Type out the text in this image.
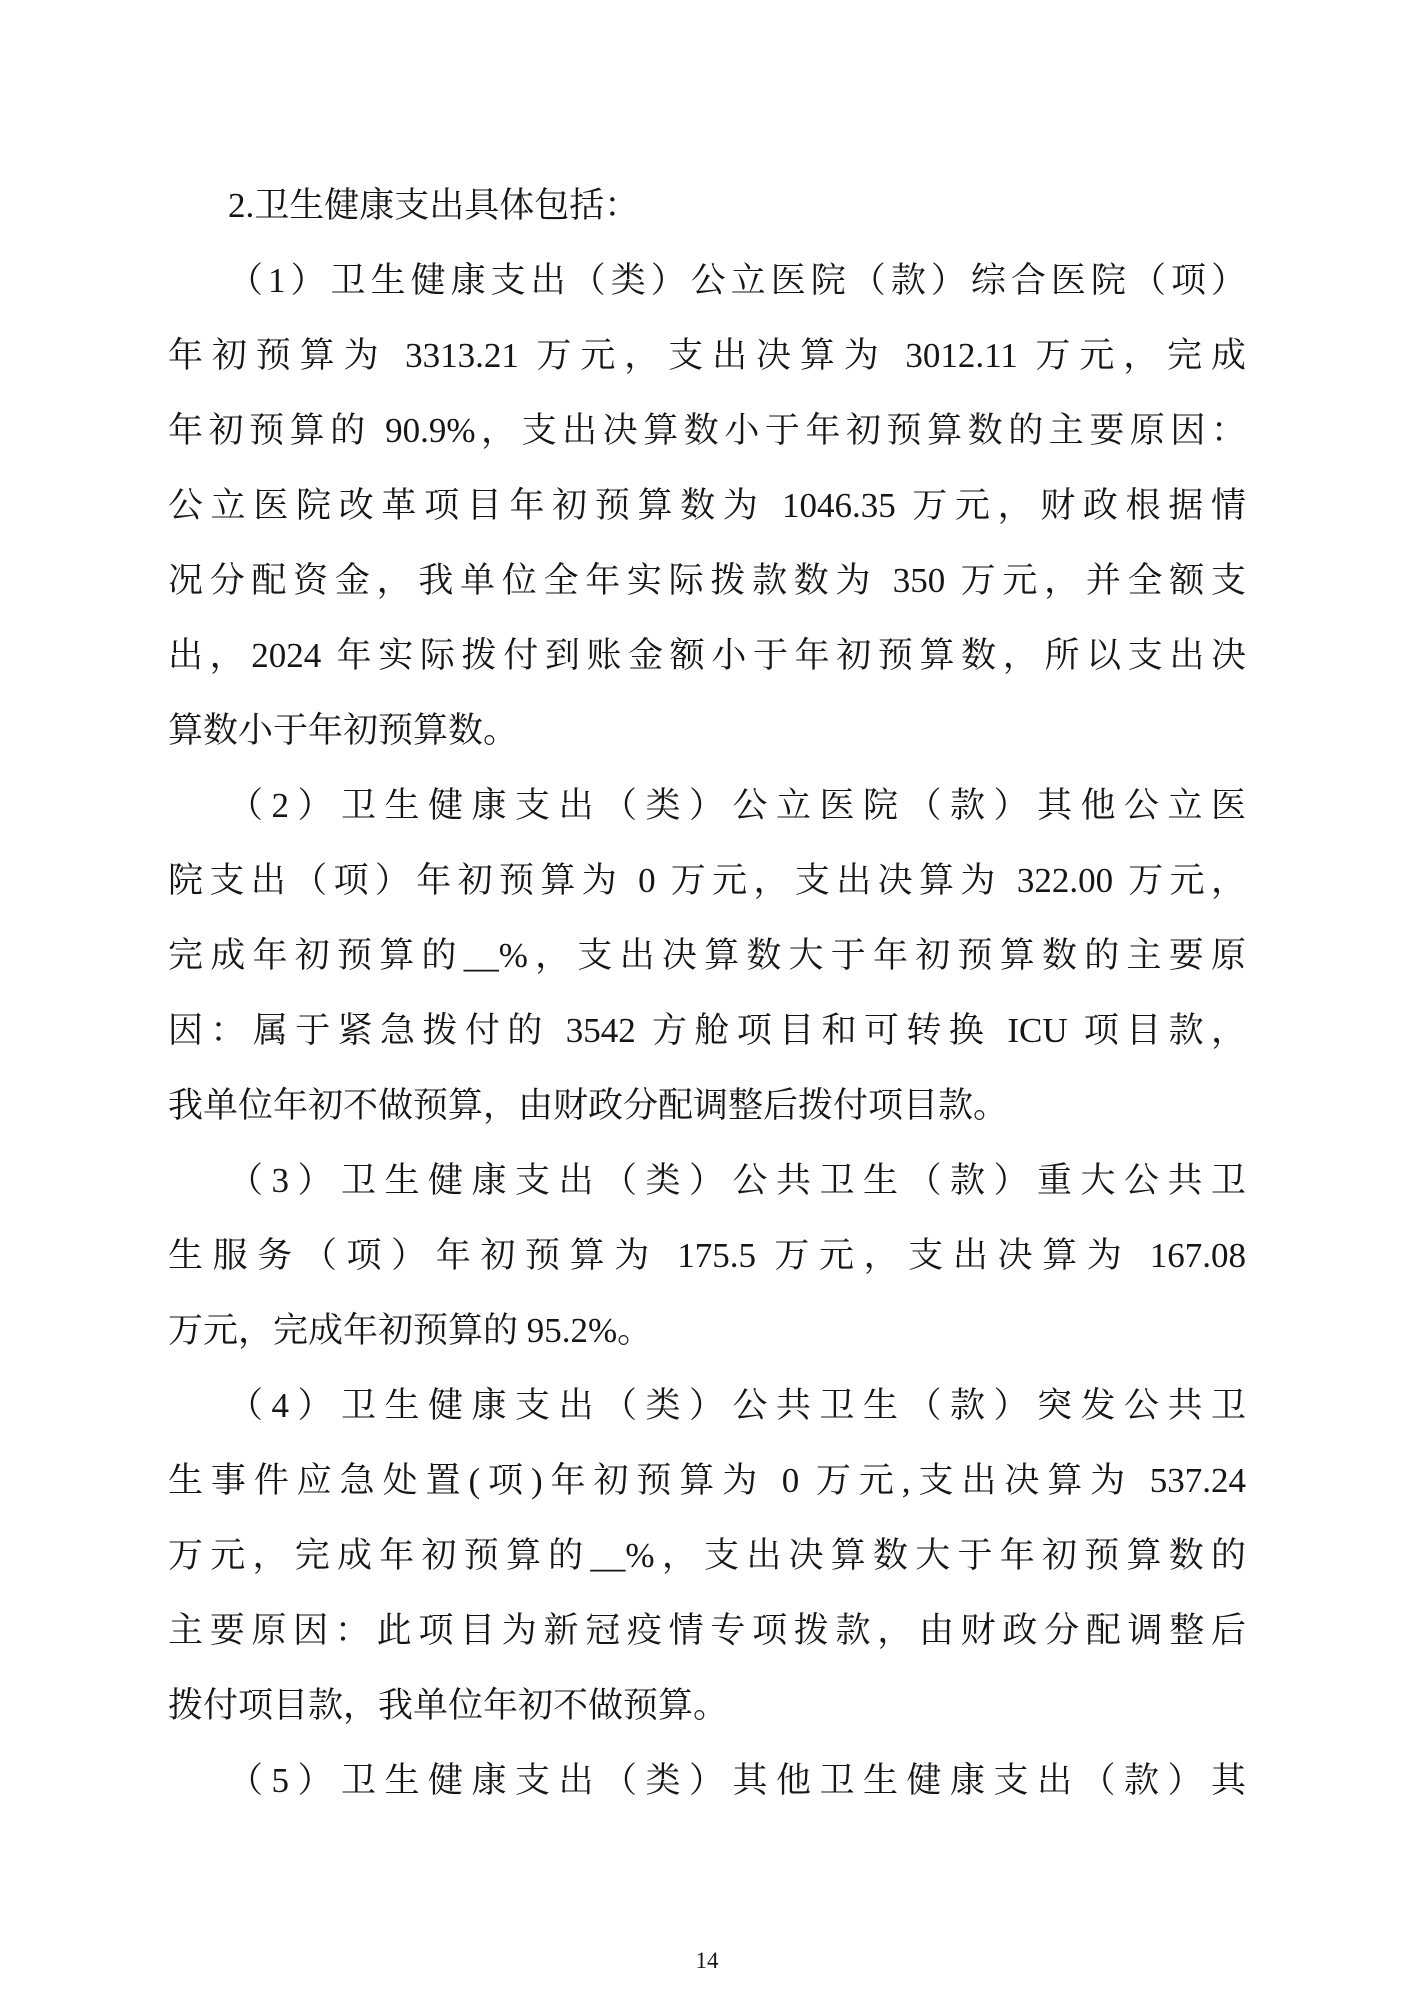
2.卫生健康支出具体包括：
（1）卫生健康支出（类）公立医院（款）综合医院（项）
年初预算为 3313.21 万元，支出决算为 3012.11 万元，完成
年初预算的 90.9%，支出决算数小于年初预算数的主要原因：
公立医院改革项目年初预算数为 1046.35 万元，财政根据情
况分配资金，我单位全年实际拨款数为 350 万元，并全额支
出，2024 年实际拨付到账金额小于年初预算数，所以支出决
算数小于年初预算数。
（2）卫生健康支出（类）公立医院（款）其他公立医
院支出（项）年初预算为 0 万元，支出决算为 322.00 万元，
完成年初预算的__%，支出决算数大于年初预算数的主要原
因：属于紧急拨付的 3542 方舱项目和可转换 ICU 项目款，
我单位年初不做预算，由财政分配调整后拨付项目款。
（3）卫生健康支出（类）公共卫生（款）重大公共卫
生服务（项）年初预算为 175.5 万元，支出决算为 167.08
万元，完成年初预算的 95.2%。
（4）卫生健康支出（类）公共卫生（款）突发公共卫
生事件应急处置(项)年初预算为 0 万元,支出决算为 537.24
万元，完成年初预算的__%，支出决算数大于年初预算数的
主要原因：此项目为新冠疫情专项拨款，由财政分配调整后
拨付项目款，我单位年初不做预算。
（5）卫生健康支出（类）其他卫生健康支出（款）其
14
